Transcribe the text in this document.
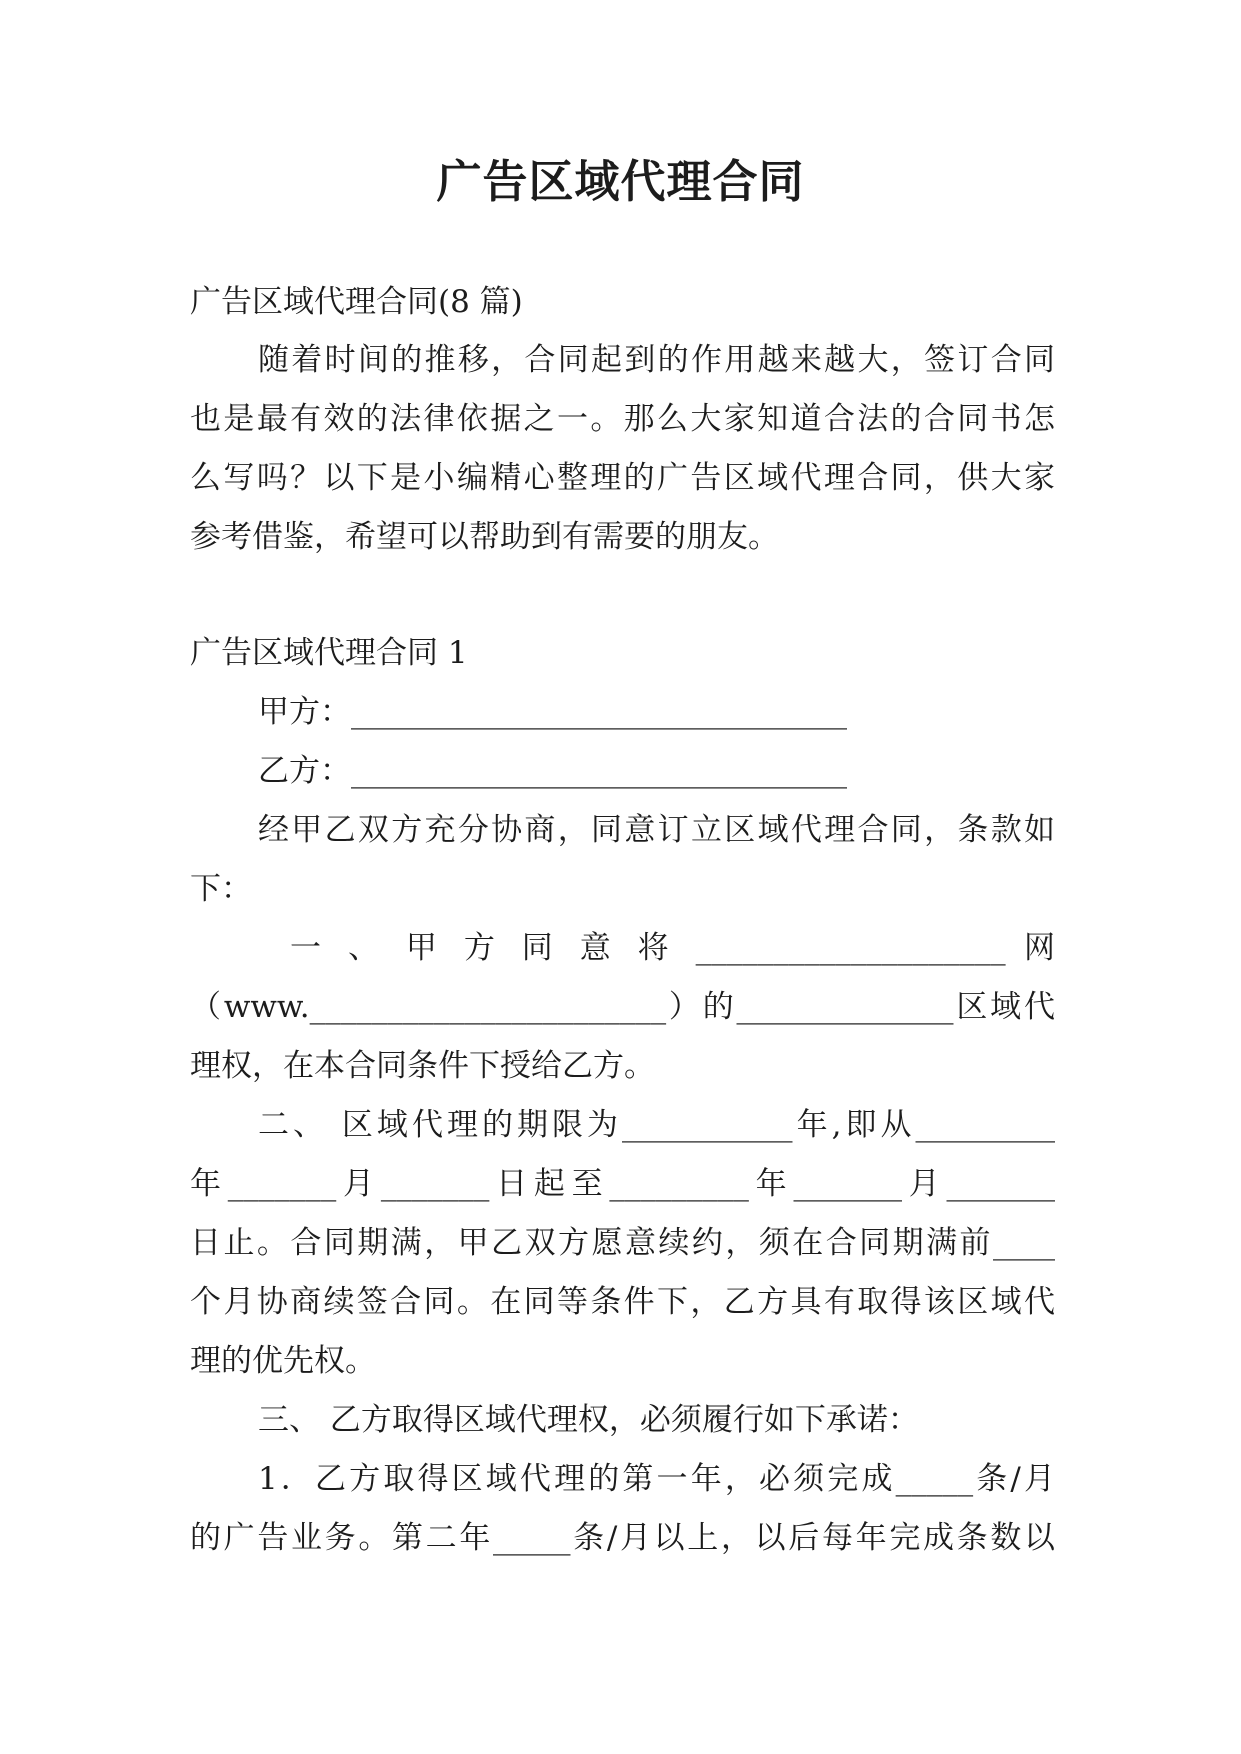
广告区域代理合同
广告区域代理合同(8 篇)
随着时间的推移，合同起到的作用越来越大，签订合同
也是最有效的法律依据之一。那么大家知道合法的合同书怎
么写吗？以下是小编精心整理的广告区域代理合同，供大家
参考借鉴，希望可以帮助到有需要的朋友。
广告区域代理合同 1
甲方：________________________________
乙方：________________________________
经甲乙双方充分协商，同意订立区域代理合同，条款如
下：
一 、 甲 方 同 意 将 ____________________ 网
（www._______________________）的______________区域代
理权，在本合同条件下授给乙方。
二、 区域代理的期限为___________年,即从_________
年_______月_______日起至_________年_______月_______
日止。合同期满，甲乙双方愿意续约，须在合同期满前____
个月协商续签合同。在同等条件下，乙方具有取得该区域代
理的优先权。
三、 乙方取得区域代理权，必须履行如下承诺：
1．乙方取得区域代理的第一年，必须完成_____条/月
的广告业务。第二年_____条/月以上，以后每年完成条数以
